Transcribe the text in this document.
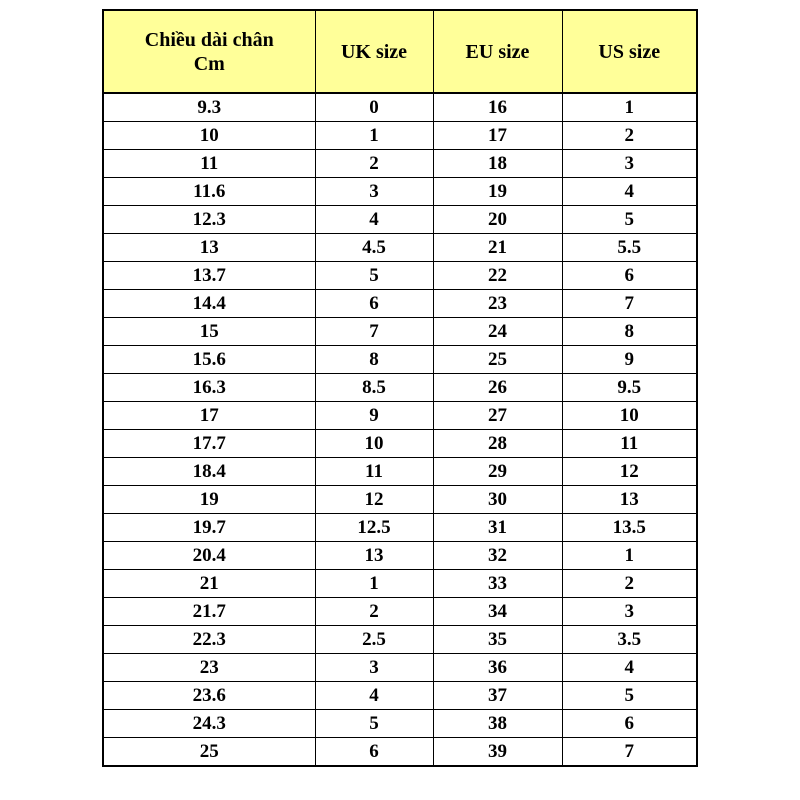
Chiều dài chân
Cm	UK size	EU size	US size
9.3	0	16	1
10	1	17	2
11	2	18	3
11.6	3	19	4
12.3	4	20	5
13	4.5	21	5.5
13.7	5	22	6
14.4	6	23	7
15	7	24	8
15.6	8	25	9
16.3	8.5	26	9.5
17	9	27	10
17.7	10	28	11
18.4	11	29	12
19	12	30	13
19.7	12.5	31	13.5
20.4	13	32	1
21	1	33	2
21.7	2	34	3
22.3	2.5	35	3.5
23	3	36	4
23.6	4	37	5
24.3	5	38	6
25	6	39	7
